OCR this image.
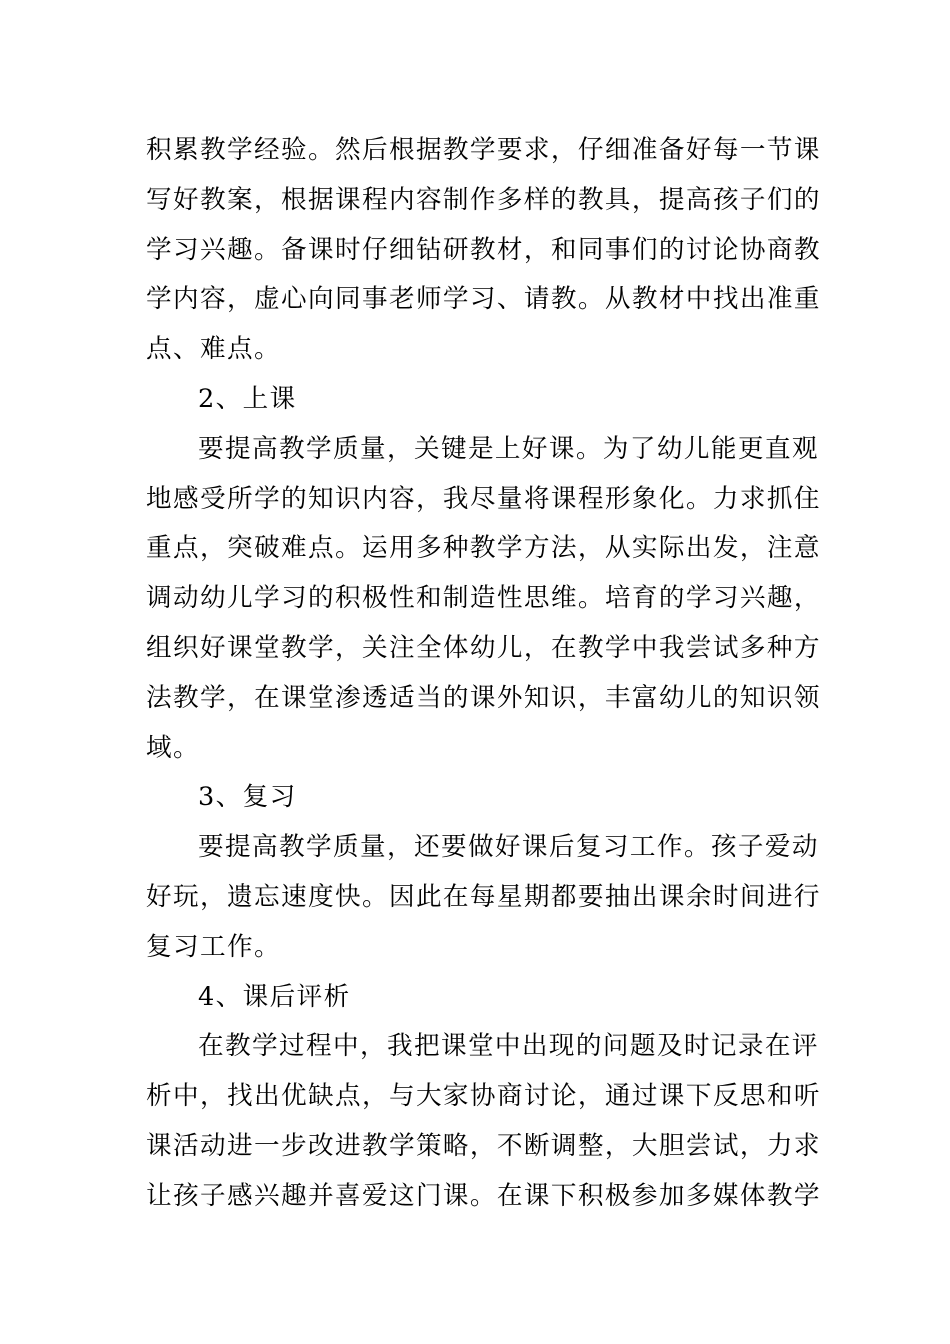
积累教学经验。然后根据教学要求，仔细准备好每一节课
写好教案，根据课程内容制作多样的教具，提高孩子们的
学习兴趣。备课时仔细钻研教材，和同事们的讨论协商教
学内容，虚心向同事老师学习、请教。从教材中找出准重
点、难点。
2、上课
要提高教学质量，关键是上好课。为了幼儿能更直观
地感受所学的知识内容，我尽量将课程形象化。力求抓住
重点，突破难点。运用多种教学方法，从实际出发，注意
调动幼儿学习的积极性和制造性思维。培育的学习兴趣，
组织好课堂教学，关注全体幼儿，在教学中我尝试多种方
法教学，在课堂渗透适当的课外知识，丰富幼儿的知识领
域。
3、复习
要提高教学质量，还要做好课后复习工作。孩子爱动
好玩，遗忘速度快。因此在每星期都要抽出课余时间进行
复习工作。
4、课后评析
在教学过程中，我把课堂中出现的问题及时记录在评
析中，找出优缺点，与大家协商讨论，通过课下反思和听
课活动进一步改进教学策略，不断调整，大胆尝试，力求
让孩子感兴趣并喜爱这门课。在课下积极参加多媒体教学
